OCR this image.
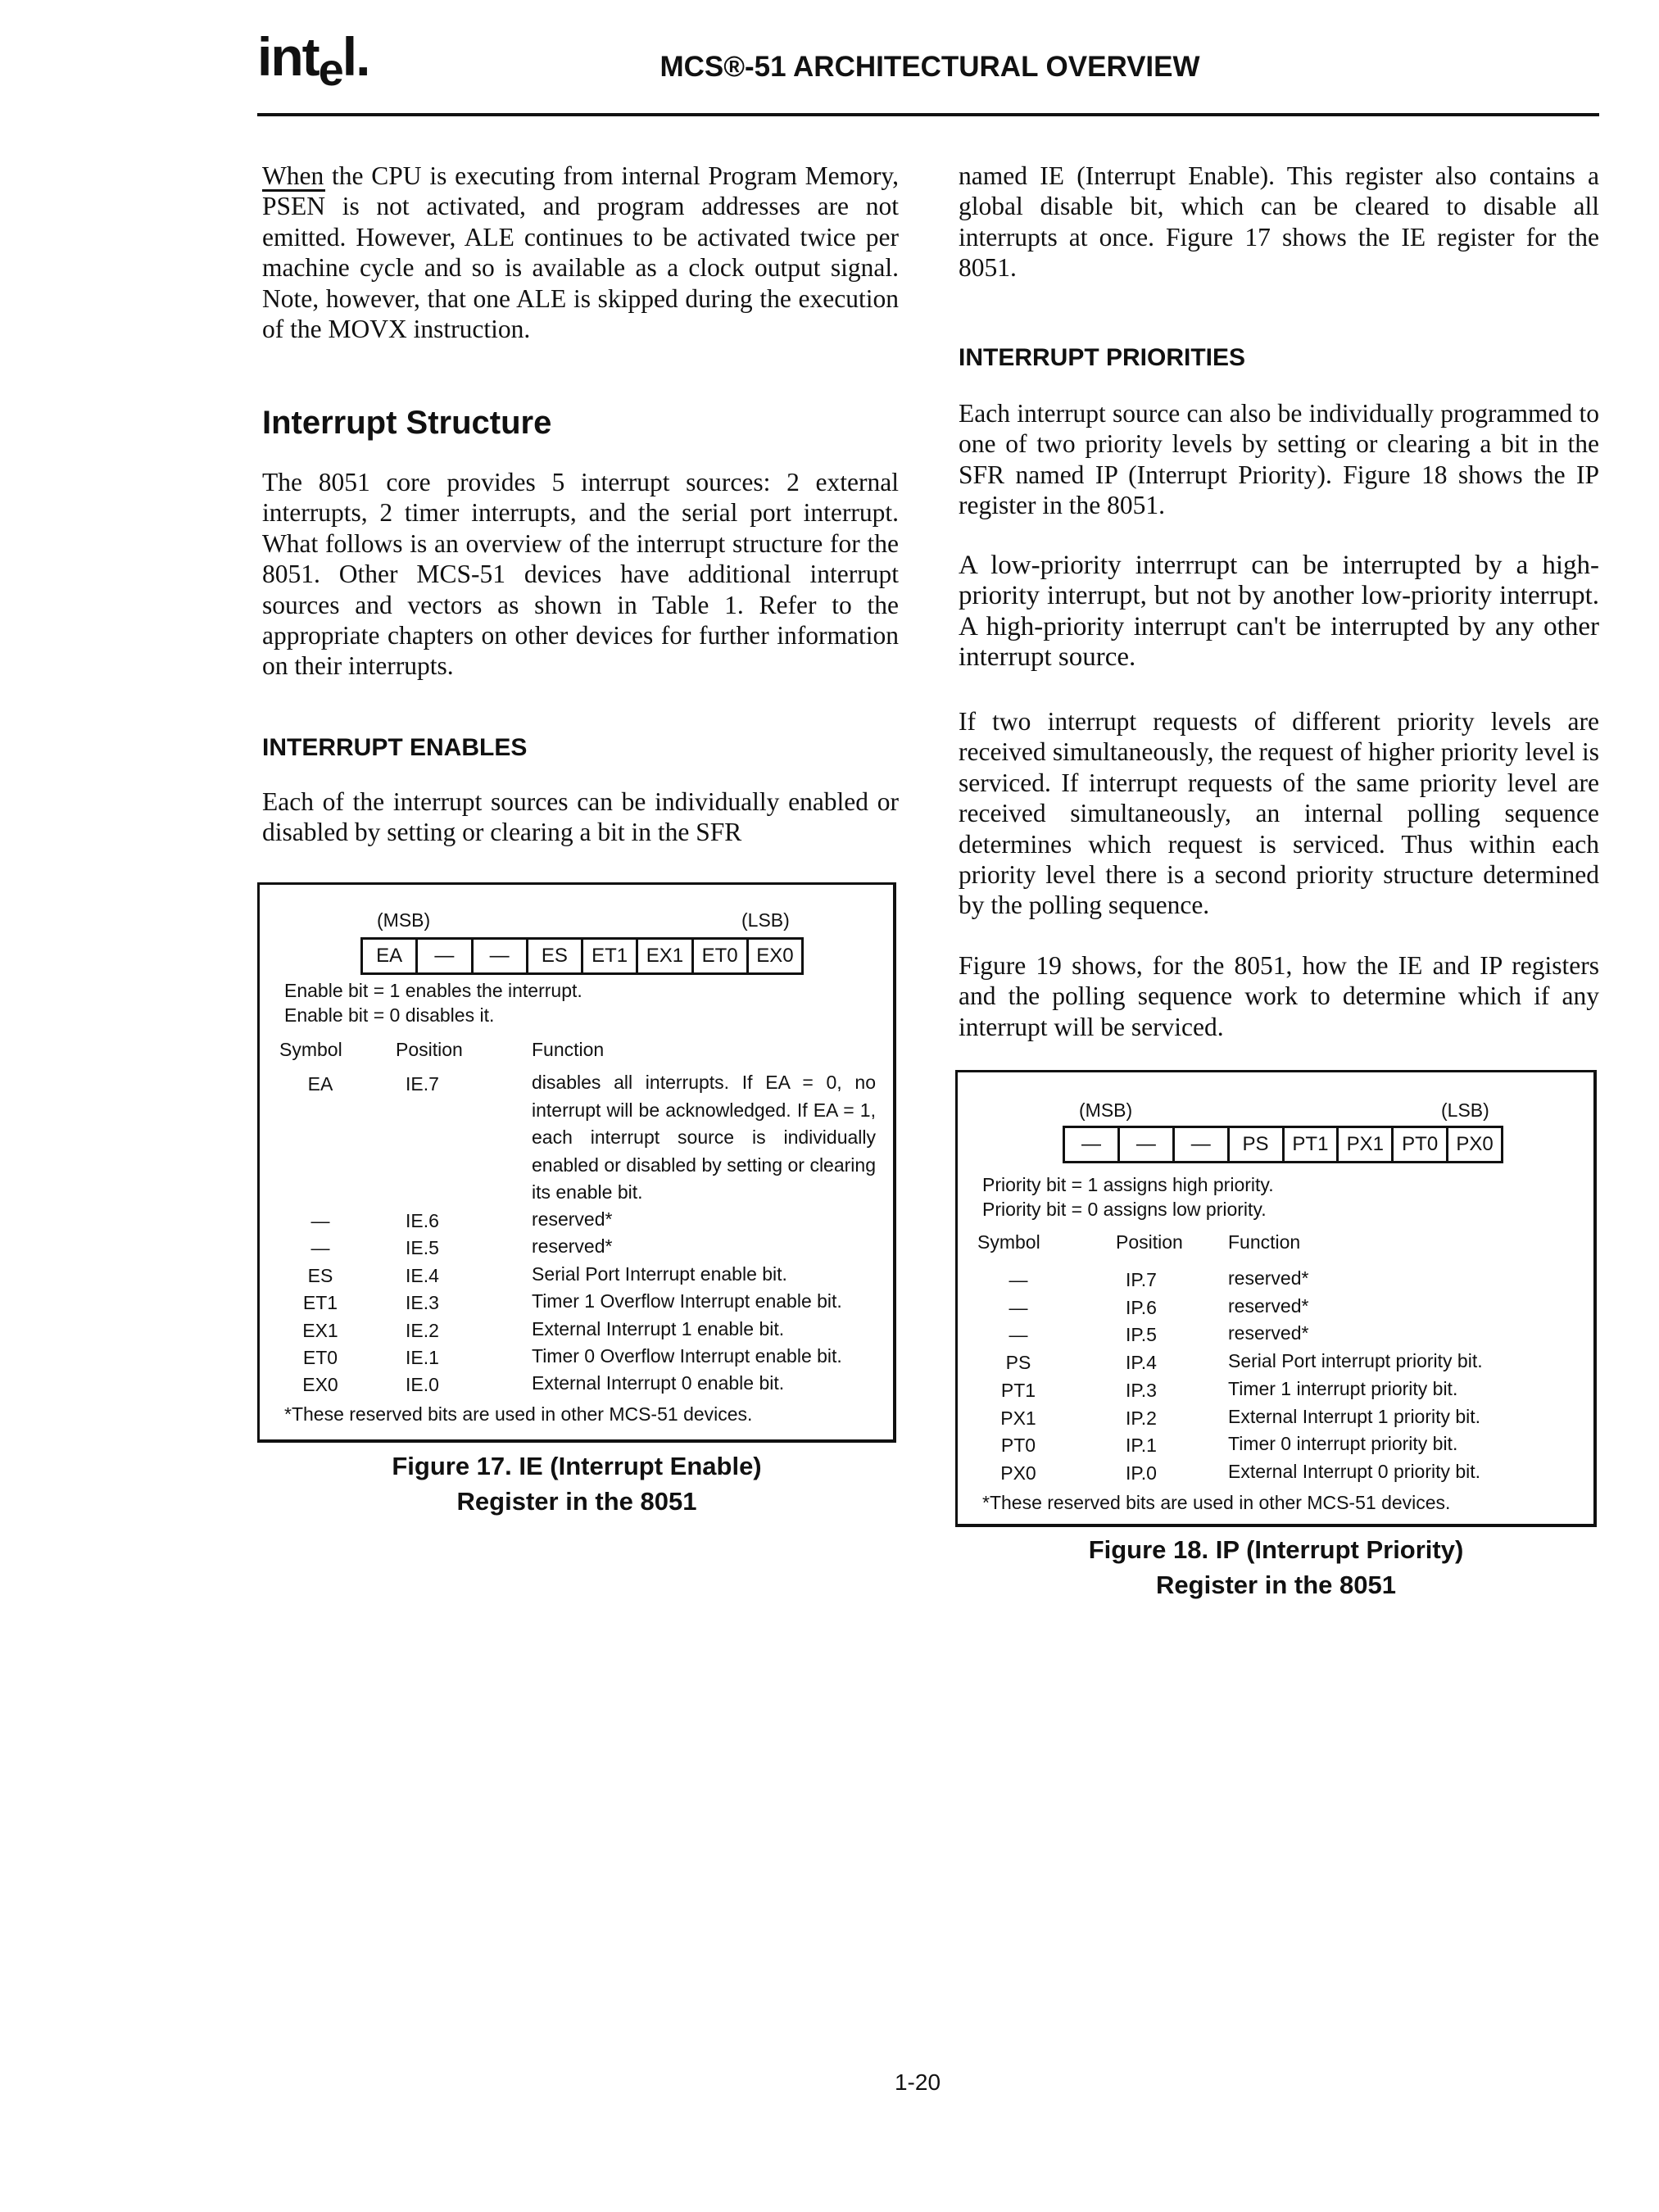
intel.	MCS®-51 ARCHITECTURAL OVERVIEW

When the CPU is executing from internal Program Memory, PSEN is not activated, and program addresses are not emitted. However, ALE continues to be activated twice per machine cycle and so is available as a clock output signal. Note, however, that one ALE is skipped during the execution of the MOVX instruction.

Interrupt Structure

The 8051 core provides 5 interrupt sources: 2 external interrupts, 2 timer interrupts, and the serial port interrupt. What follows is an overview of the interrupt structure for the 8051. Other MCS-51 devices have additional interrupt sources and vectors as shown in Table 1. Refer to the appropriate chapters on other devices for further information on their interrupts.

INTERRUPT ENABLES

Each of the interrupt sources can be individually enabled or disabled by setting or clearing a bit in the SFR

named IE (Interrupt Enable). This register also contains a global disable bit, which can be cleared to disable all interrupts at once. Figure 17 shows the IE register for the 8051.

INTERRUPT PRIORITIES

Each interrupt source can also be individually programmed to one of two priority levels by setting or clearing a bit in the SFR named IP (Interrupt Priority). Figure 18 shows the IP register in the 8051.

A low-priority interrrupt can be interrupted by a high-priority interrupt, but not by another low-priority interrupt. A high-priority interrupt can't be interrupted by any other interrupt source.

If two interrupt requests of different priority levels are received simultaneously, the request of higher priority level is serviced. If interrupt requests of the same priority level are received simultaneously, an internal polling sequence determines which request is serviced. Thus within each priority level there is a second priority structure determined by the polling sequence.

Figure 19 shows, for the 8051, how the IE and IP registers and the polling sequence work to determine which if any interrupt will be serviced.

(MSB)	(LSB)
EA	—	—	ES	ET1 EX1 ET0 EX0
Enable bit = 1 enables the interrupt.
Enable bit = 0 disables it.
Symbol	Position	Function
EA	IE.7	disables all interrupts. If EA = 0, no interrupt will be acknowledged. If EA = 1, each interrupt source is individually enabled or disabled by setting or clearing its enable bit.
—	IE.6	reserved*
—	IE.5	reserved*
ES	IE.4	Serial Port Interrupt enable bit.
ET1	IE.3	Timer 1 Overflow Interrupt enable bit.
EX1	IE.2	External Interrupt 1 enable bit.
ET0	IE.1	Timer 0 Overflow Interrupt enable bit.
EX0	IE.0	External Interrupt 0 enable bit.
*These reserved bits are used in other MCS-51 devices.
Figure 17. IE (Interrupt Enable)
Register in the 8051
(MSB)	(LSB)
—	—	—	PS	PT1 PX1 PT0 PX0
Priority bit = 1 assigns high priority.
Priority bit = 0 assigns low priority.
Symbol	Position Function
—	IP.7	reserved*
—	IP.6	reserved*
—	IP.5	reserved*
PS	IP.4	Serial Port interrupt priority bit.
PT1	IP.3	Timer 1 interrupt priority bit.
PX1	IP.2	External Interrupt 1 priority bit.
PT0	IP.1	Timer 0 interrupt priority bit.
PX0	IP.0	External Interrupt 0 priority bit.
*These reserved bits are used in other MCS-51 devices.
Figure 18. IP (Interrupt Priority)
Register in the 8051
1-20
